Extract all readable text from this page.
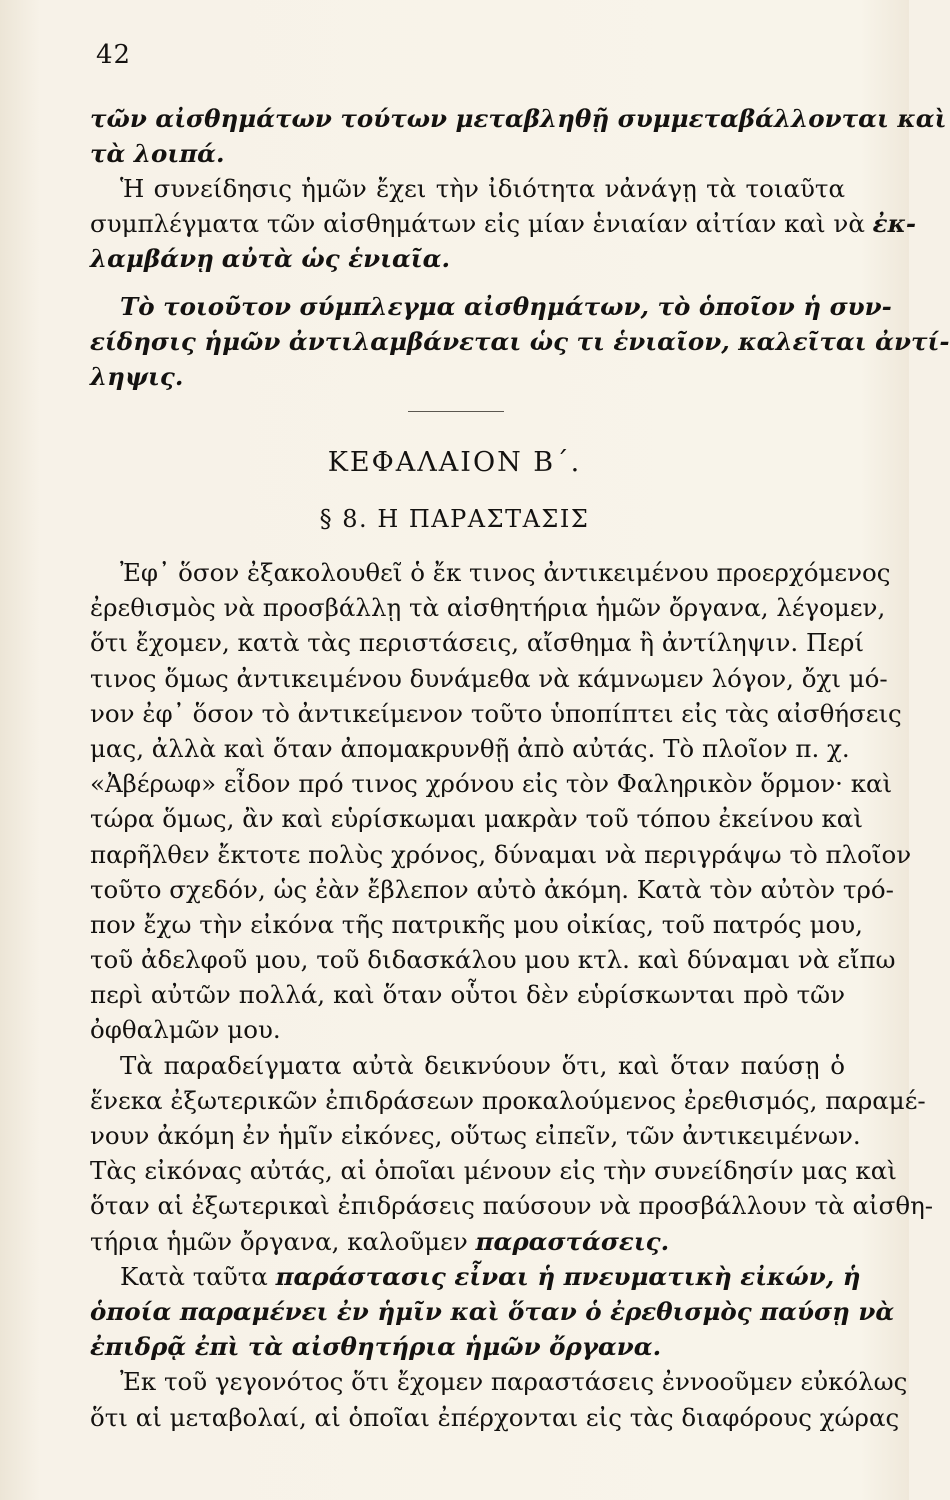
42
τῶν αἰσθημάτων τούτων μεταβληθῇ συμμεταβάλλονται καὶ
τὰ λοιπά.
Ἡ συνείδησις ἡμῶν ἔχει τὴν ἰδιότητα νἀνάγῃ τὰ τοιαῦτα
συμπλέγματα τῶν αἰσθημάτων εἰς μίαν ἑνιαίαν αἰτίαν καὶ νὰ ἐκ-
λαμβάνῃ αὐτὰ ὡς ἑνιαῖα.
Τὸ τοιοῦτον σύμπλεγμα αἰσθημάτων, τὸ ὁποῖον ἡ συν-
είδησις ἡμῶν ἀντιλαμβάνεται ὡς τι ἑνιαῖον, καλεῖται ἀντί-
ληψις.
ΚΕΦΑΛΑΙΟΝ Β΄.
§ 8. Η ΠΑΡΑΣΤΑΣΙΣ
Ἐφ᾽ ὅσον ἐξακολουθεῖ ὁ ἔκ τινος ἀντικειμένου προερχόμενος
ἐρεθισμὸς νὰ προσβάλλῃ τὰ αἰσθητήρια ἡμῶν ὄργανα, λέγομεν,
ὅτι ἔχομεν, κατὰ τὰς περιστάσεις, αἴσθημα ἢ ἀντίληψιν. Περί
τινος ὅμως ἀντικειμένου δυνάμεθα νὰ κάμνωμεν λόγον, ὄχι μό-
νον ἐφ᾽ ὅσον τὸ ἀντικείμενον τοῦτο ὑποπίπτει εἰς τὰς αἰσθήσεις
μας, ἀλλὰ καὶ ὅταν ἀπομακρυνθῇ ἀπὸ αὐτάς. Τὸ πλοῖον π. χ.
«Ἀβέρωφ» εἶδον πρό τινος χρόνου εἰς τὸν Φαληρικὸν ὅρμον· καὶ
τώρα ὅμως, ἂν καὶ εὑρίσκωμαι μακρὰν τοῦ τόπου ἐκείνου καὶ
παρῆλθεν ἔκτοτε πολὺς χρόνος, δύναμαι νὰ περιγράψω τὸ πλοῖον
τοῦτο σχεδόν, ὡς ἐὰν ἔβλεπον αὐτὸ ἀκόμη. Κατὰ τὸν αὐτὸν τρό-
πον ἔχω τὴν εἰκόνα τῆς πατρικῆς μου οἰκίας, τοῦ πατρός μου,
τοῦ ἀδελφοῦ μου, τοῦ διδασκάλου μου κτλ. καὶ δύναμαι νὰ εἴπω
περὶ αὐτῶν πολλά, καὶ ὅταν οὗτοι δὲν εὑρίσκωνται πρὸ τῶν
ὀφθαλμῶν μου.
Τὰ παραδείγματα αὐτὰ δεικνύουν ὅτι, καὶ ὅταν παύσῃ ὁ
ἕνεκα ἐξωτερικῶν ἐπιδράσεων προκαλούμενος ἐρεθισμός, παραμέ-
νουν ἀκόμη ἐν ἡμῖν εἰκόνες, οὕτως εἰπεῖν, τῶν ἀντικειμένων.
Τὰς εἰκόνας αὐτάς, αἱ ὁποῖαι μένουν εἰς τὴν συνείδησίν μας καὶ
ὅταν αἱ ἐξωτερικαὶ ἐπιδράσεις παύσουν νὰ προσβάλλουν τὰ αἰσθη-
τήρια ἡμῶν ὄργανα, καλοῦμεν παραστάσεις.
Κατὰ ταῦτα παράστασις εἶναι ἡ πνευματικὴ εἰκών, ἡ
ὁποία παραμένει ἐν ἡμῖν καὶ ὅταν ὁ ἐρεθισμὸς παύσῃ νὰ
ἐπιδρᾷ ἐπὶ τὰ αἰσθητήρια ἡμῶν ὄργανα.
Ἐκ τοῦ γεγονότος ὅτι ἔχομεν παραστάσεις ἐννοοῦμεν εὐκόλως
ὅτι αἱ μεταβολαί, αἱ ὁποῖαι ἐπέρχονται εἰς τὰς διαφόρους χώρας
